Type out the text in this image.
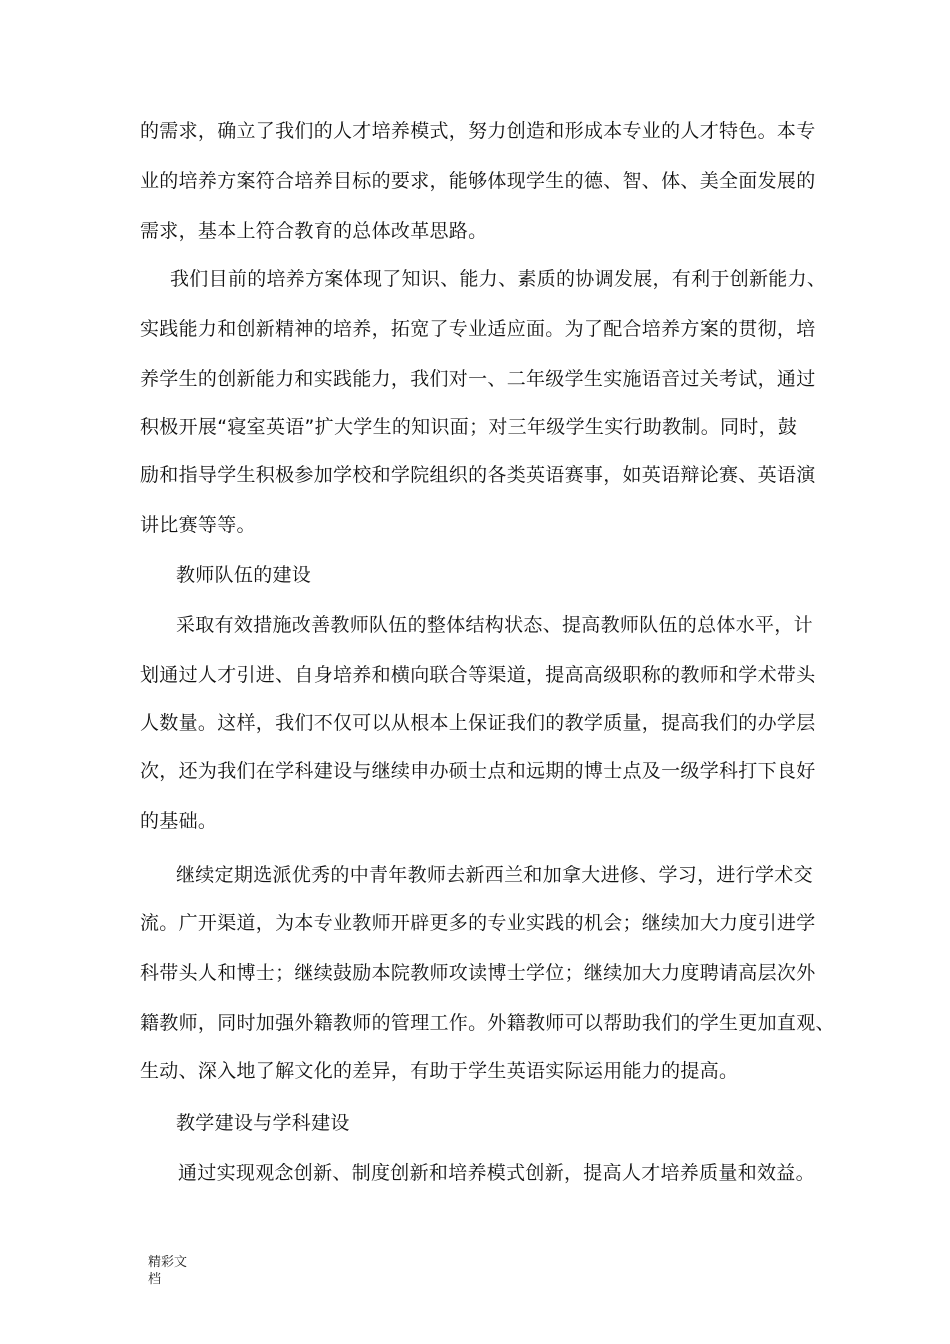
的需求，确立了我们的人才培养模式，努力创造和形成本专业的人才特色。本专
业的培养方案符合培养目标的要求，能够体现学生的德、智、体、美全面发展的
需求，基本上符合教育的总体改革思路。
我们目前的培养方案体现了知识、能力、素质的协调发展，有利于创新能力、
实践能力和创新精神的培养，拓宽了专业适应面。为了配合培养方案的贯彻，培
养学生的创新能力和实践能力，我们对一、二年级学生实施语音过关考试，通过
积极开展“寝室英语”扩大学生的知识面；对三年级学生实行助教制。同时，鼓
励和指导学生积极参加学校和学院组织的各类英语赛事，如英语辩论赛、英语演
讲比赛等等。
教师队伍的建设
采取有效措施改善教师队伍的整体结构状态、提高教师队伍的总体水平，计
划通过人才引进、自身培养和横向联合等渠道，提高高级职称的教师和学术带头
人数量。这样，我们不仅可以从根本上保证我们的教学质量，提高我们的办学层
次，还为我们在学科建设与继续申办硕士点和远期的博士点及一级学科打下良好
的基础。
继续定期选派优秀的中青年教师去新西兰和加拿大进修、学习，进行学术交
流。广开渠道，为本专业教师开辟更多的专业实践的机会；继续加大力度引进学
科带头人和博士；继续鼓励本院教师攻读博士学位；继续加大力度聘请高层次外
籍教师，同时加强外籍教师的管理工作。外籍教师可以帮助我们的学生更加直观、
生动、深入地了解文化的差异，有助于学生英语实际运用能力的提高。
教学建设与学科建设
通过实现观念创新、制度创新和培养模式创新，提高人才培养质量和效益。
精彩文
档
